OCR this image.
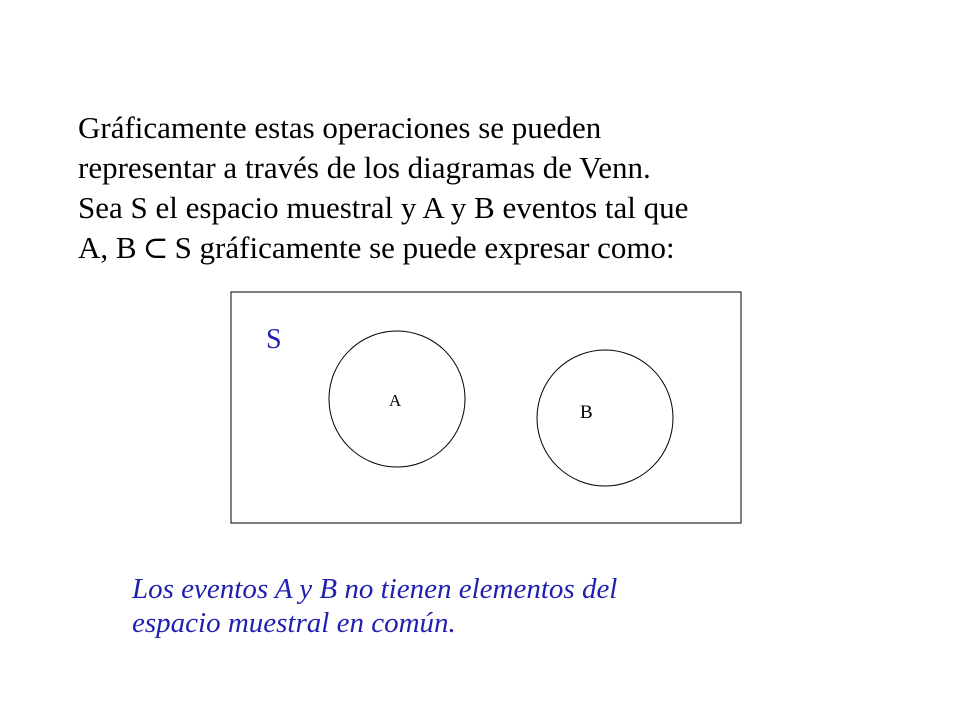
Gráficamente estas operaciones se pueden
representar a través de los diagramas de Venn.
Sea S el espacio muestral y A y B eventos tal que
A, B ⊂ S gráficamente se puede expresar como:
S
A
B
Los eventos A y B no tienen elementos del
espacio muestral en común.
